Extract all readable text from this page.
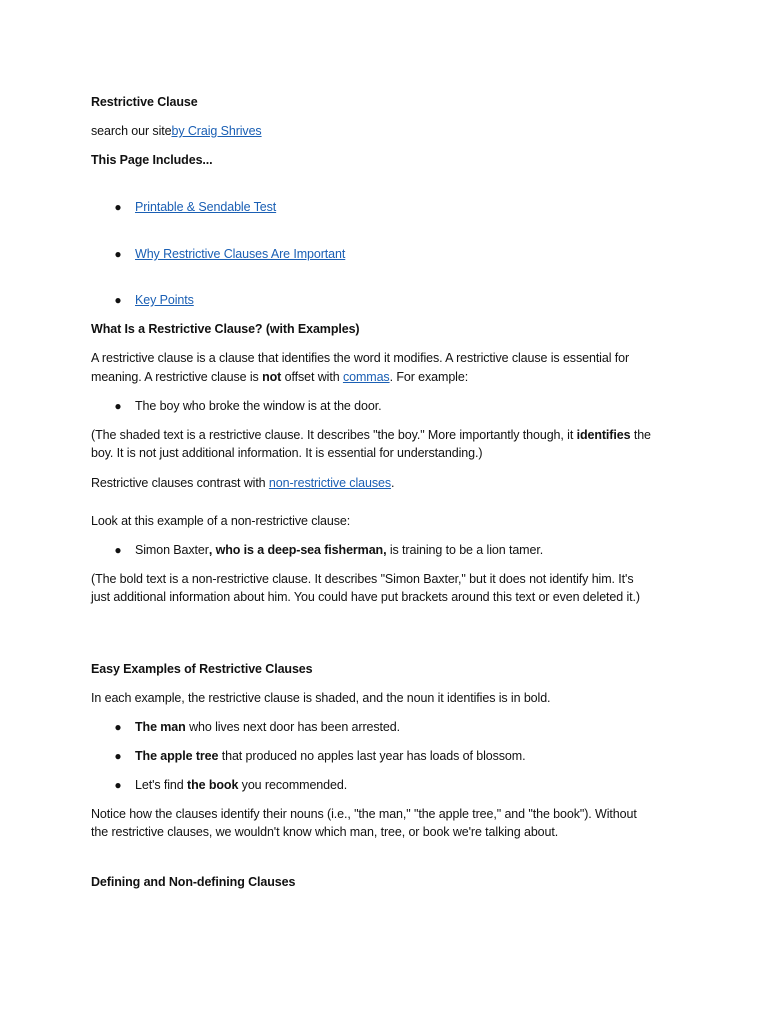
Restrictive Clause
search our siteby Craig Shrives
This Page Includes...
● Printable & Sendable Test
● Why Restrictive Clauses Are Important
● Key Points
What Is a Restrictive Clause? (with Examples)
A restrictive clause is a clause that identifies the word it modifies. A restrictive clause is essential for
meaning. A restrictive clause is not offset with commas. For example:
● The boy who broke the window is at the door.
(The shaded text is a restrictive clause. It describes "the boy." More importantly though, it identifies the
boy. It is not just additional information. It is essential for understanding.)
Restrictive clauses contrast with non-restrictive clauses.
Look at this example of a non-restrictive clause:
● Simon Baxter, who is a deep-sea fisherman, is training to be a lion tamer.
(The bold text is a non-restrictive clause. It describes "Simon Baxter," but it does not identify him. It's
just additional information about him. You could have put brackets around this text or even deleted it.)
Easy Examples of Restrictive Clauses
In each example, the restrictive clause is shaded, and the noun it identifies is in bold.
● The man who lives next door has been arrested.
● The apple tree that produced no apples last year has loads of blossom.
● Let's find the book you recommended.
Notice how the clauses identify their nouns (i.e., "the man," "the apple tree," and "the book"). Without
the restrictive clauses, we wouldn't know which man, tree, or book we're talking about.
Defining and Non-defining Clauses
